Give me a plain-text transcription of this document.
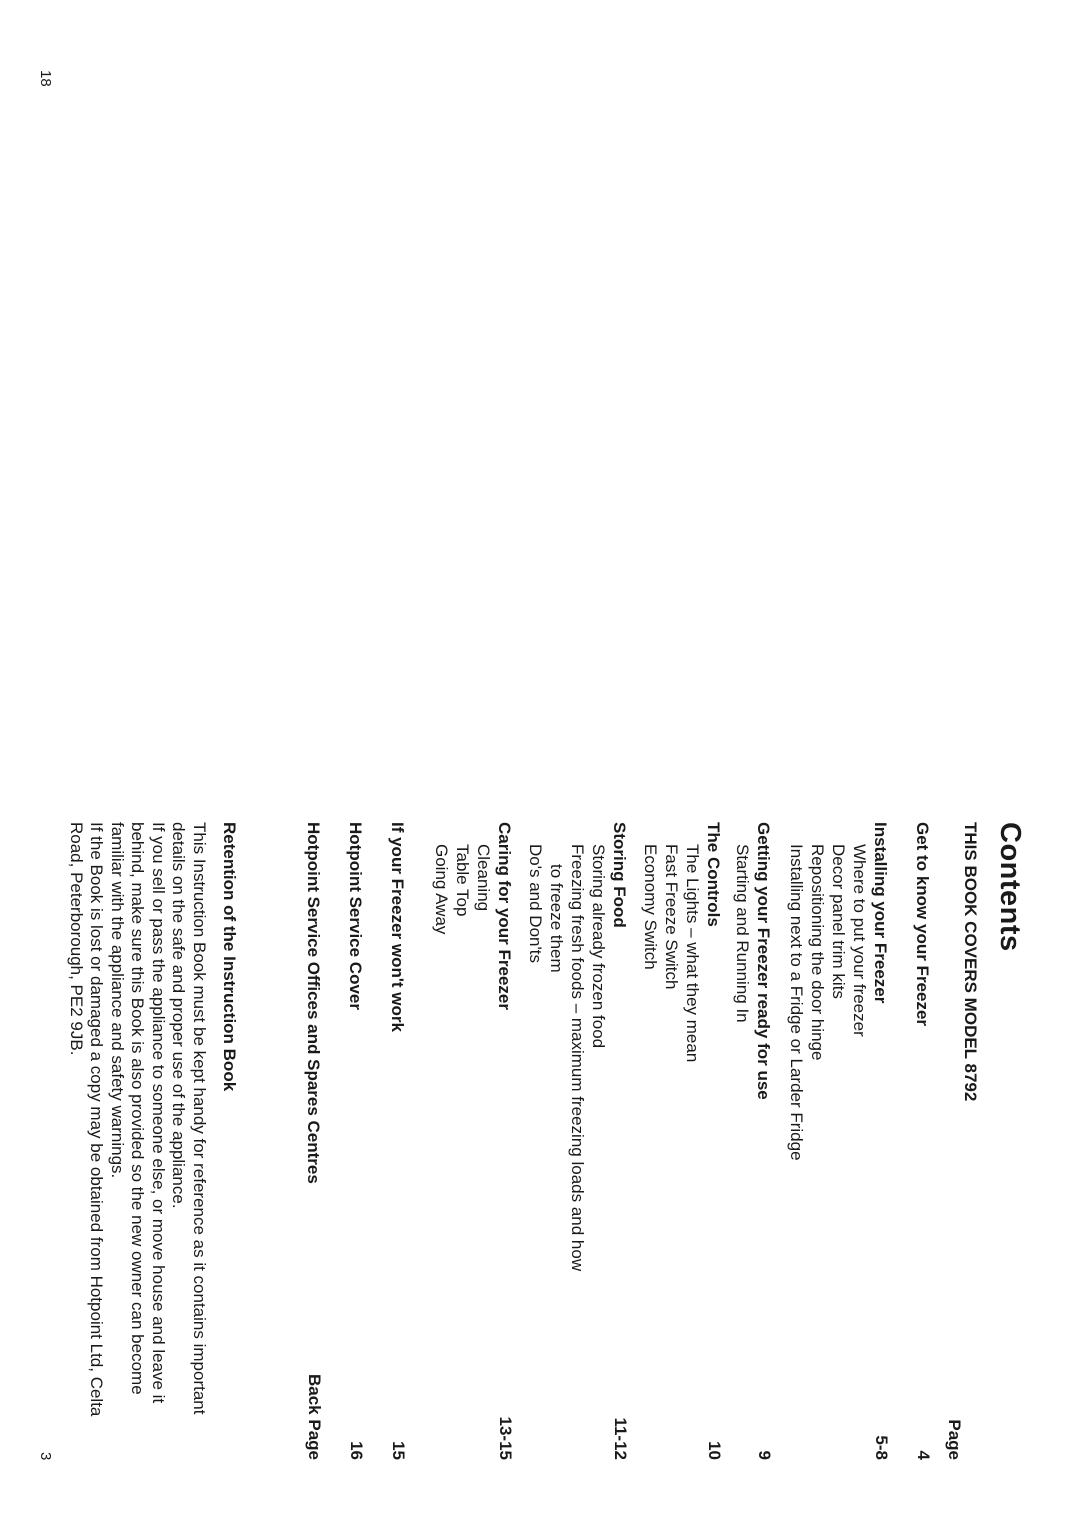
Contents
THIS BOOK COVERS MODEL 8792
Page
Get to know your Freezer
4
Installing your Freezer
Where to put your freezer
Decor panel trim kits
Repositioning the door hinge
Installing next to a Fridge or Larder Fridge
5-8
Getting your Freezer ready for use
Starting and Running In
9
The Controls
The Lights – what they mean
Fast Freeze Switch
Economy Switch
10
Storing Food
Storing already frozen food
Freezing fresh foods – maximum freezing loads and how
to freeze them
Do's and Don'ts
11-12
Caring for your Freezer
Cleaning
Table Top
Going Away
13-15
If your Freezer won't work
15
Hotpoint Service Cover
16
Hotpoint Service Offices and Spares Centres
Back Page
Retention of the Instruction Book

This Instruction Book must be kept handy for reference as it contains important details on the safe and proper use of the appliance.

If you sell or pass the appliance to someone else, or move house and leave it behind, make sure this Book is also provided so the new owner can become familiar with the appliance and safety warnings.

If the Book is lost or damaged a copy may be obtained from Hotpoint Ltd, Celta Road, Peterborough, PE2 9JB.

18
3
